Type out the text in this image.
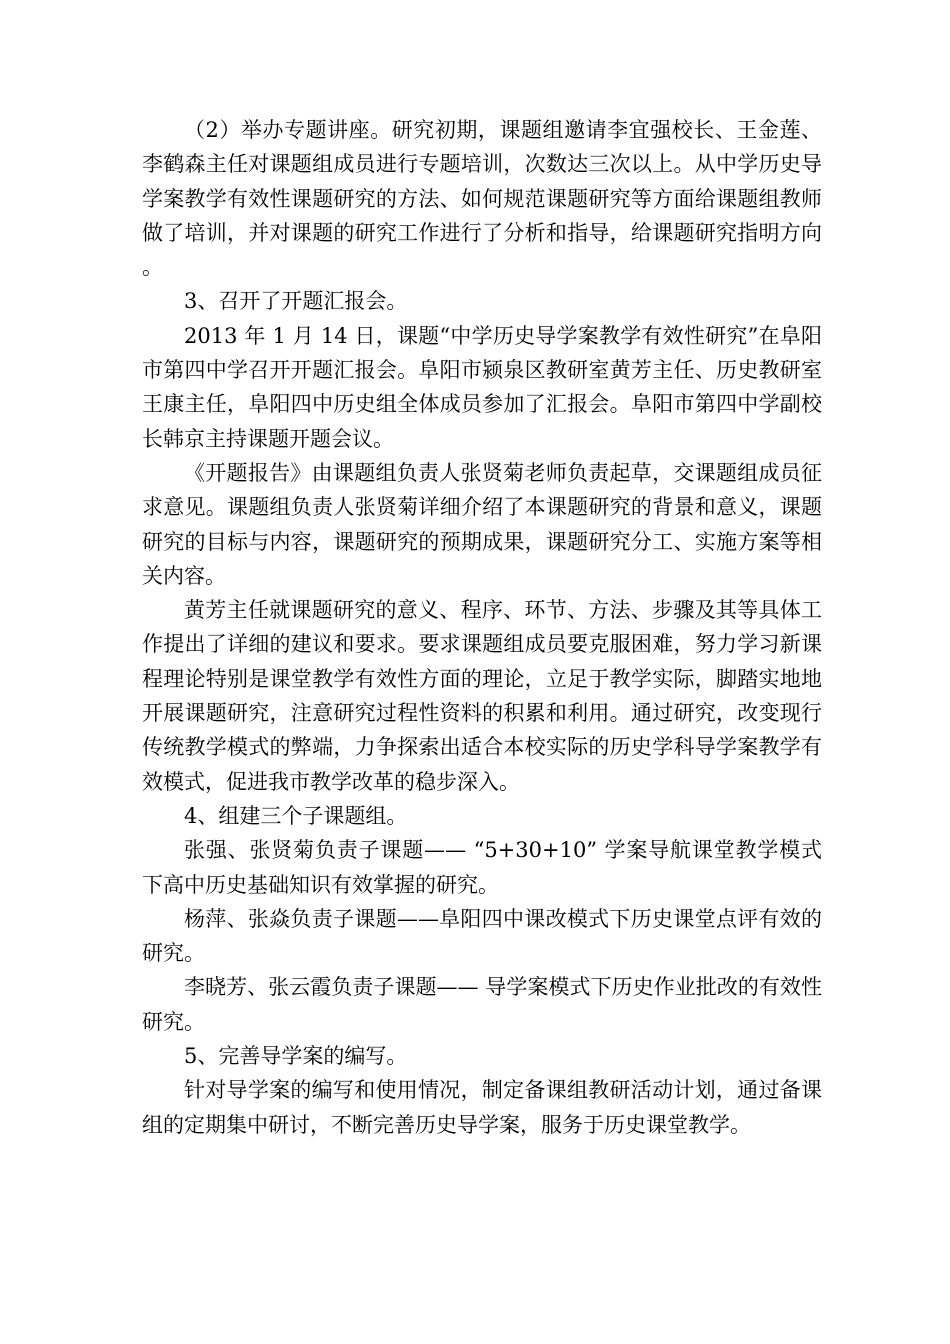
（2）举办专题讲座。研究初期，课题组邀请李宜强校长、王金莲、李鹤森主任对课题组成员进行专题培训，次数达三次以上。从中学历史导学案教学有效性课题研究的方法、如何规范课题研究等方面给课题组教师做了培训，并对课题的研究工作进行了分析和指导，给课题研究指明方向。

3、召开了开题汇报会。

2013 年 1 月 14 日，课题“中学历史导学案教学有效性研究”在阜阳市第四中学召开开题汇报会。阜阳市颍泉区教研室黄芳主任、历史教研室王康主任，阜阳四中历史组全体成员参加了汇报会。阜阳市第四中学副校长韩京主持课题开题会议。

《开题报告》由课题组负责人张贤菊老师负责起草，交课题组成员征求意见。课题组负责人张贤菊详细介绍了本课题研究的背景和意义，课题研究的目标与内容，课题研究的预期成果，课题研究分工、实施方案等相关内容。

黄芳主任就课题研究的意义、程序、环节、方法、步骤及其等具体工作提出了详细的建议和要求。要求课题组成员要克服困难，努力学习新课程理论特别是课堂教学有效性方面的理论，立足于教学实际，脚踏实地地开展课题研究，注意研究过程性资料的积累和利用。通过研究，改变现行传统教学模式的弊端，力争探索出适合本校实际的历史学科导学案教学有效模式，促进我市教学改革的稳步深入。

4、组建三个子课题组。

张强、张贤菊负责子课题—— “5+30+10” 学案导航课堂教学模式下高中历史基础知识有效掌握的研究。

杨萍、张焱负责子课题——阜阳四中课改模式下历史课堂点评有效的研究。

李晓芳、张云霞负责子课题—— 导学案模式下历史作业批改的有效性研究。

5、完善导学案的编写。

针对导学案的编写和使用情况，制定备课组教研活动计划，通过备课组的定期集中研讨，不断完善历史导学案，服务于历史课堂教学。
